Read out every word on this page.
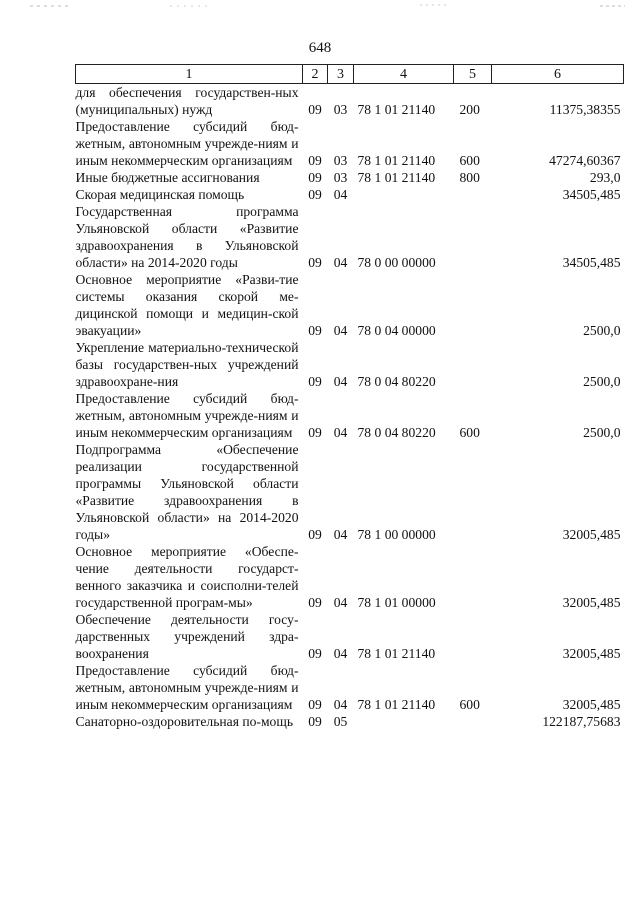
648
1	2	3	4	5	6
для обеспечения государствен-ных (муниципальных) нужд	09	03	78 1 01 21140	200	11375,38355
Предоставление субсидий бюд-жетным, автономным учрежде-ниям и иным некоммерческим организациям	09	03	78 1 01 21140	600	47274,60367
Иные бюджетные ассигнования	09	03	78 1 01 21140	800	293,0
Скорая медицинская помощь	09	04			34505,485
Государственная программа Ульяновской области «Развитие здравоохранения в Ульяновской области» на 2014-2020 годы	09	04	78 0 00 00000		34505,485
Основное мероприятие «Разви-тие системы оказания скорой ме-дицинской помощи и медицин-ской эвакуации»	09	04	78 0 04 00000		2500,0
Укрепление материально-технической базы государствен-ных учреждений здравоохране-ния	09	04	78 0 04 80220		2500,0
Предоставление субсидий бюд-жетным, автономным учрежде-ниям и иным некоммерческим организациям	09	04	78 0 04 80220	600	2500,0
Подпрограмма «Обеспечение реализации государственной программы Ульяновской области «Развитие здравоохранения в Ульяновской области» на 2014-2020 годы»	09	04	78 1 00 00000		32005,485
Основное мероприятие «Обеспе-чение деятельности государст-венного заказчика и соисполни-телей государственной програм-мы»	09	04	78 1 01 00000		32005,485
Обеспечение деятельности госу-дарственных учреждений здра-воохранения	09	04	78 1 01 21140		32005,485
Предоставление субсидий бюд-жетным, автономным учрежде-ниям и иным некоммерческим организациям	09	04	78 1 01 21140	600	32005,485
Санаторно-оздоровительная по-мощь	09	05			122187,75683
